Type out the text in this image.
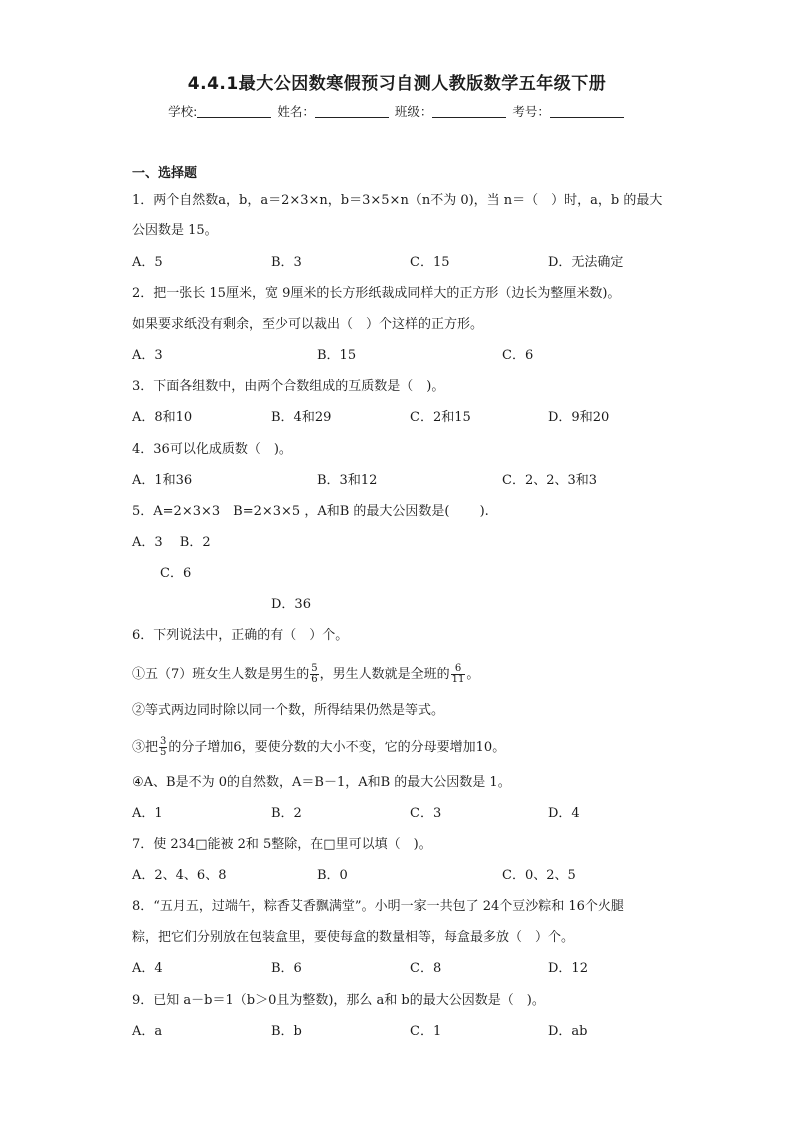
4.4.1最大公因数寒假预习自测人教版数学五年级下册
学校:	姓名：	班级：	考号：
一、选择题
1．两个自然数a，b，a＝2×3×n，b＝3×5×n（n不为 0)，当 n＝（　）时，a，b 的最大
公因数是 15。
A．5	B．3	C．15	D．无法确定
2．把一张长 15厘米，宽 9厘米的长方形纸裁成同样大的正方形（边长为整厘米数)。
如果要求纸没有剩余，至少可以裁出（　）个这样的正方形。
A．3	B．15	C．6
3．下面各组数中，由两个合数组成的互质数是（　)。
A．8和10	B．4和29	C．2和15	D．9和20
4．36可以化成质数（　)。
A．1和36	B．3和12	C．2、2、3和3
5．A=2×3×3　B=2×3×5 ，A和B 的最大公因数是(　　 ).
A．3　 B．2
C．6
D．36
6．下列说法中，正确的有（　）个。
①五（7）班女生人数是男生的 $\frac{5}{6}$ ，男生人数就是全班的 $\frac{6}{11}$ 。
②等式两边同时除以同一个数，所得结果仍然是等式。
③把 $\frac{3}{5}$ 的分子增加6，要使分数的大小不变，它的分母要增加10。
④A、B是不为 0的自然数，A＝B－1，A和B 的最大公因数是 1。
A．1	B．2	C．3	D．4
7．使 234□能被 2和 5整除，在□里可以填（　)。
A．2、4、6、8	B．0	C．0、2、5
8．“五月五，过端午，粽香艾香飘满堂”。小明一家一共包了 24个豆沙粽和 16个火腿
粽，把它们分别放在包装盒里，要使每盒的数量相等，每盒最多放（　）个。
A．4	B．6	C．8	D．12
9．已知 a－b＝1（b＞0且为整数)，那么 a和 b的最大公因数是（　)。
A．a	B．b	C．1	D．ab
